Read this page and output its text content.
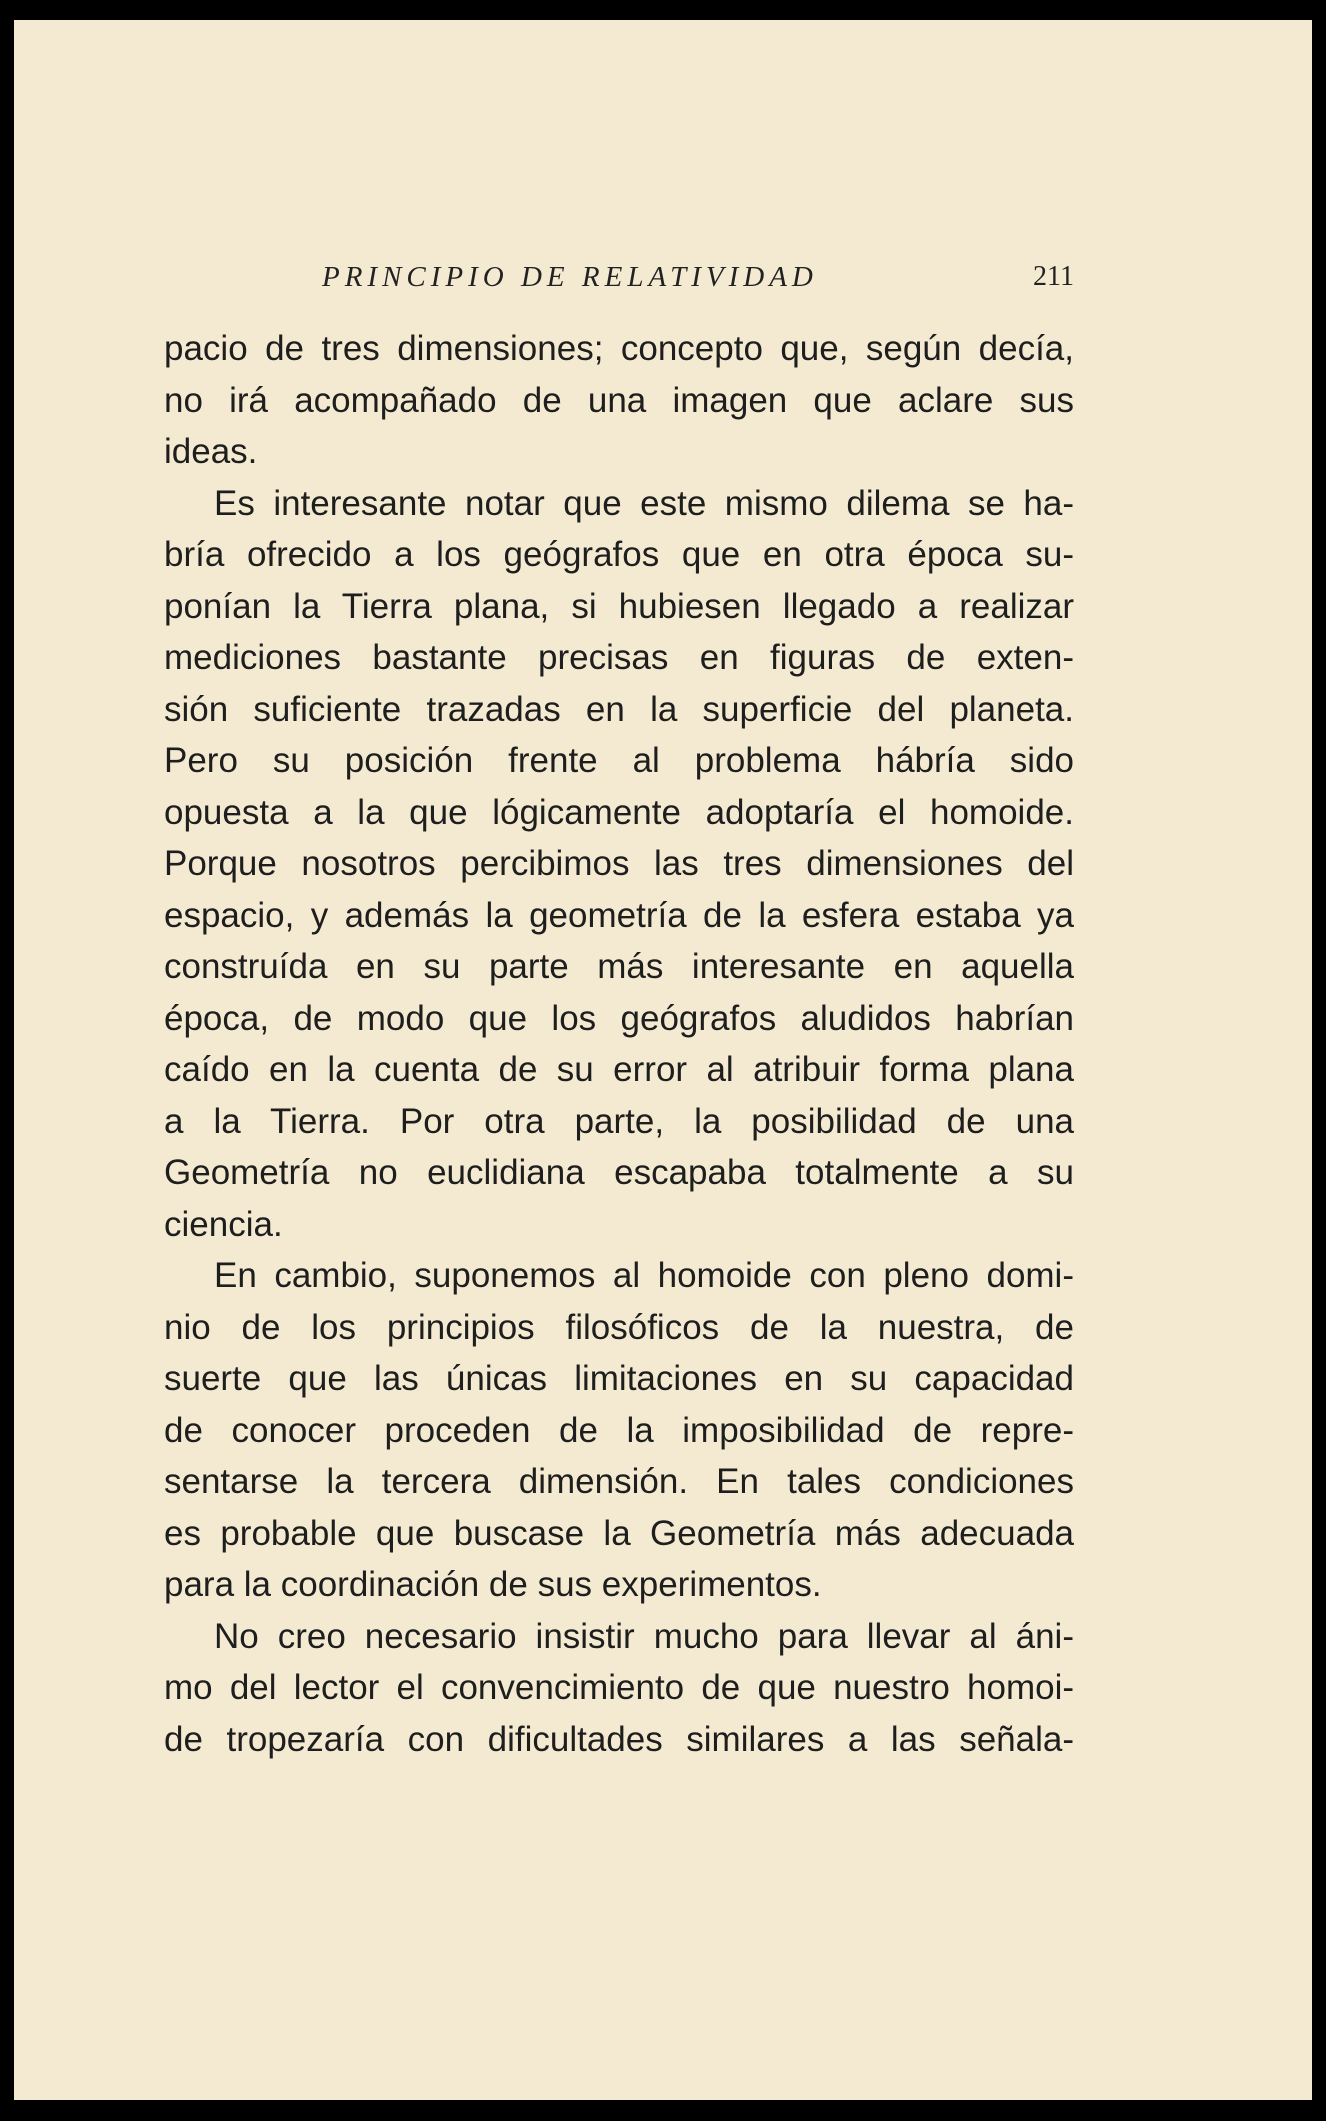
PRINCIPIO DE RELATIVIDAD	211
pacio de tres dimensiones; concepto que, según decía,
no irá acompañado de una imagen que aclare sus
ideas.
Es interesante notar que este mismo dilema se ha-
bría ofrecido a los geógrafos que en otra época su-
ponían la Tierra plana, si hubiesen llegado a realizar
mediciones bastante precisas en figuras de exten-
sión suficiente trazadas en la superficie del planeta.
Pero su posición frente al problema hábría sido
opuesta a la que lógicamente adoptaría el homoide.
Porque nosotros percibimos las tres dimensiones del
espacio, y además la geometría de la esfera estaba ya
construída en su parte más interesante en aquella
época, de modo que los geógrafos aludidos habrían
caído en la cuenta de su error al atribuir forma plana
a la Tierra. Por otra parte, la posibilidad de una
Geometría no euclidiana escapaba totalmente a su
ciencia.
En cambio, suponemos al homoide con pleno domi-
nio de los principios filosóficos de la nuestra, de
suerte que las únicas limitaciones en su capacidad
de conocer proceden de la imposibilidad de repre-
sentarse la tercera dimensión. En tales condiciones
es probable que buscase la Geometría más adecuada
para la coordinación de sus experimentos.
No creo necesario insistir mucho para llevar al áni-
mo del lector el convencimiento de que nuestro homoi-
de tropezaría con dificultades similares a las señala-
